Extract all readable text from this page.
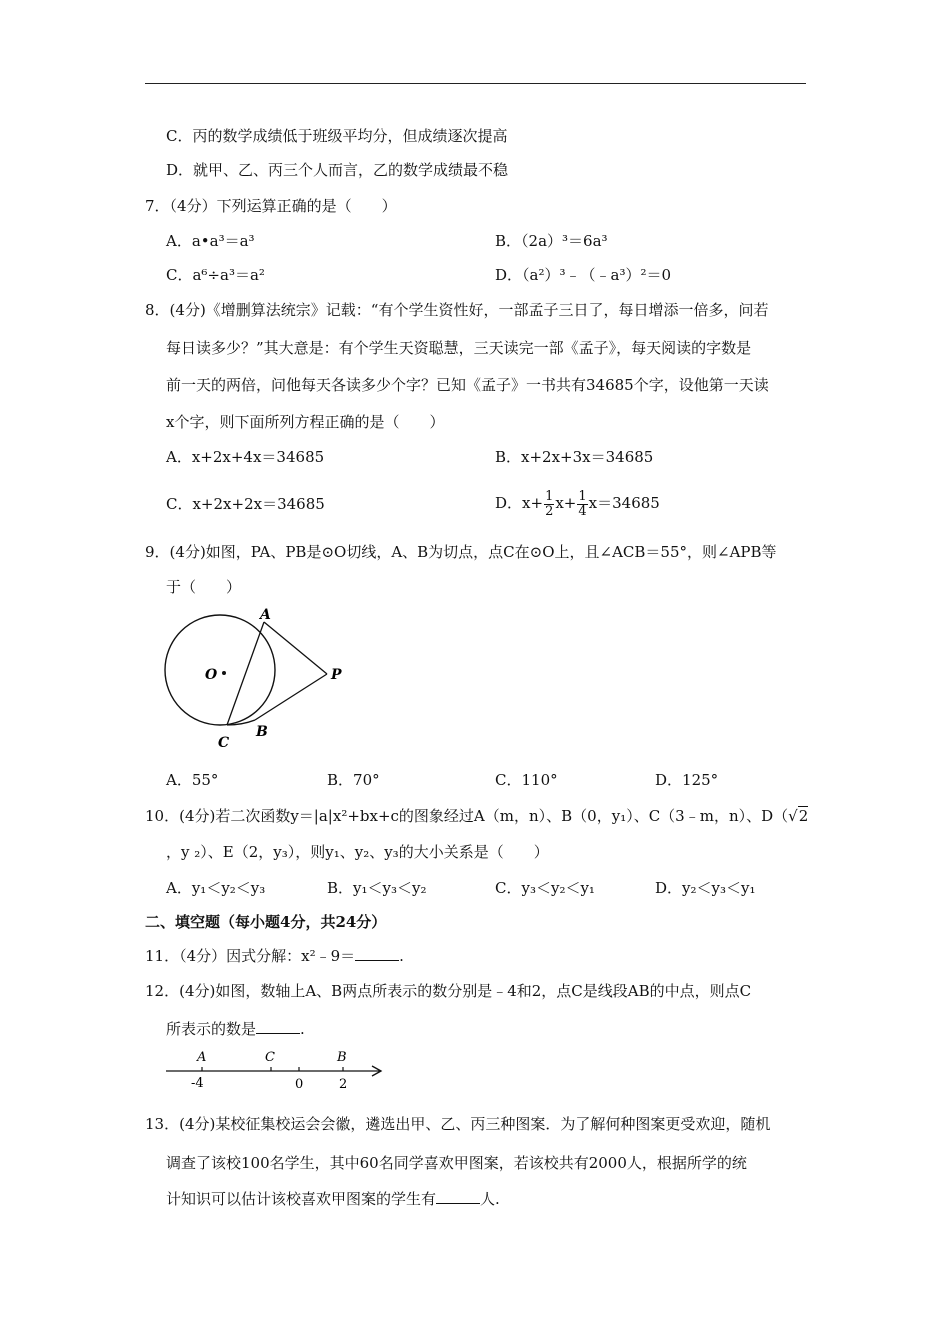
C．丙的数学成绩低于班级平均分，但成绩逐次提高
D．就甲、乙、丙三个人而言，乙的数学成绩最不稳
7．（4分）下列运算正确的是（　　）
A．a•a³＝a³	B．（2a）³＝6a³
C．a⁶÷a³＝a²	D．（a²）³﹣（﹣a³）²＝0
8．(4分)《增删算法统宗》记载：“有个学生资性好，一部孟子三日了，每日增添一倍多，问若
每日读多少？”其大意是：有个学生天资聪慧，三天读完一部《孟子》，每天阅读的字数是
前一天的两倍，问他每天各读多少个字？已知《孟子》一书共有34685个字，设他第一天读
x个字，则下面所列方程正确的是（　　）
A．x+2x+4x＝34685	B．x+2x+3x＝34685
C．x+2x+2x＝34685	D．$x+ \frac{1}{2} x+ \frac{1}{4} x=34685$
9．(4分)如图，PA、PB是⊙O切线，A、B为切点，点C在⊙O上，且∠ACB＝55°，则∠APB等
于（　　）
O
A
P
B
C
A．55°	B．70°	C．110°	D．125°
10．(4分)若二次函数y＝|a|x²+bx+c的图象经过A（m，n）、B（0，y₁）、C（3﹣m，n）、D（√2
，y ₂）、E（2，y₃），则y₁、y₂、y₃的大小关系是（　　）
A．y₁＜y₂＜y₃	B．y₁＜y₃＜y₂	C．y₃＜y₂＜y₁	D．y₂＜y₃＜y₁
二、填空题（每小题4分，共24分）
11．（4分）因式分解：x²﹣9＝	.
12．(4分)如图，数轴上A、B两点所表示的数分别是﹣4和2，点C是线段AB的中点，则点C
所表示的数是	.
A	C	B
-4	0	2
13．(4分)某校征集校运会会徽，遴选出甲、乙、丙三种图案．为了解何种图案更受欢迎，随机
调查了该校100名学生，其中60名同学喜欢甲图案，若该校共有2000人，根据所学的统
计知识可以估计该校喜欢甲图案的学生有	人.
